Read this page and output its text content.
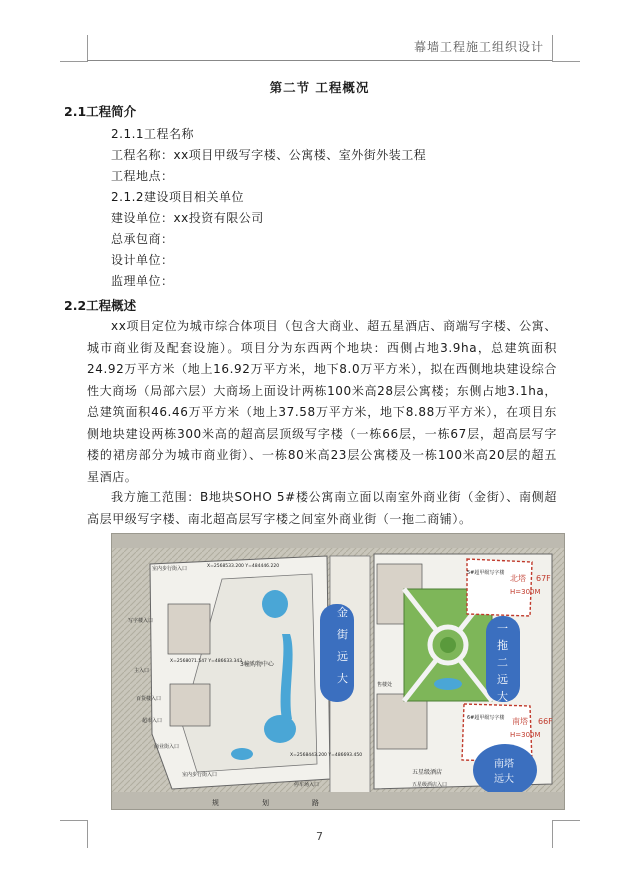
幕墙工程施工组织设计
第二节 工程概况
2.1工程简介
2.1.1工程名称
工程名称：xx项目甲级写字楼、公寓楼、室外街外装工程
工程地点：
2.1.2建设项目相关单位
建设单位：xx投资有限公司
总承包商：
设计单位：
监理单位：
2.2工程概述
xx项目定位为城市综合体项目（包含大商业、超五星酒店、商端写字楼、公寓、城市商业街及配套设施）。项目分为东西两个地块：西侧占地3.9ha，总建筑面积24.92万平方米（地上16.92万平方米，地下8.0万平方米），拟在西侧地块建设综合性大商场（局部六层）大商场上面设计两栋100米高28层公寓楼；东侧占地3.1ha，总建筑面积46.46万平方米（地上37.58万平方米，地下8.88万平方米），在项目东侧地块建设两栋300米高的超高层顶级写字楼（一栋66层，一栋67层，超高层写字楼的裙房部分为城市商业街）、一栋80米高23层公寓楼及一栋100米高20层的超五星酒店。
我方施工范围：B地块SOHO 5#楼公寓南立面以南室外商业街（金街）、南侧超高层甲级写字楼、南北超高层写字楼之间室外商业街（一拖二商铺）。
金
街
远
大
一
拖
二
远
大
南塔
远大
北塔 67F
H=300M
南塔 66F
H=300M
3幢购物中心
5#超甲级写字楼
6#超甲级写字楼
五星级酒店
X=2568533.200 Y=484446.220
X=2568071.547 Y=486633.343
X=2568443.200 Y=486693.450
室内步行街入口
写字楼入口
主入口
百货楼入口
超市入口
商业街入口
室内步行街入口
售楼处
五星级酒店入口
停车场入口
规	划	路
7
